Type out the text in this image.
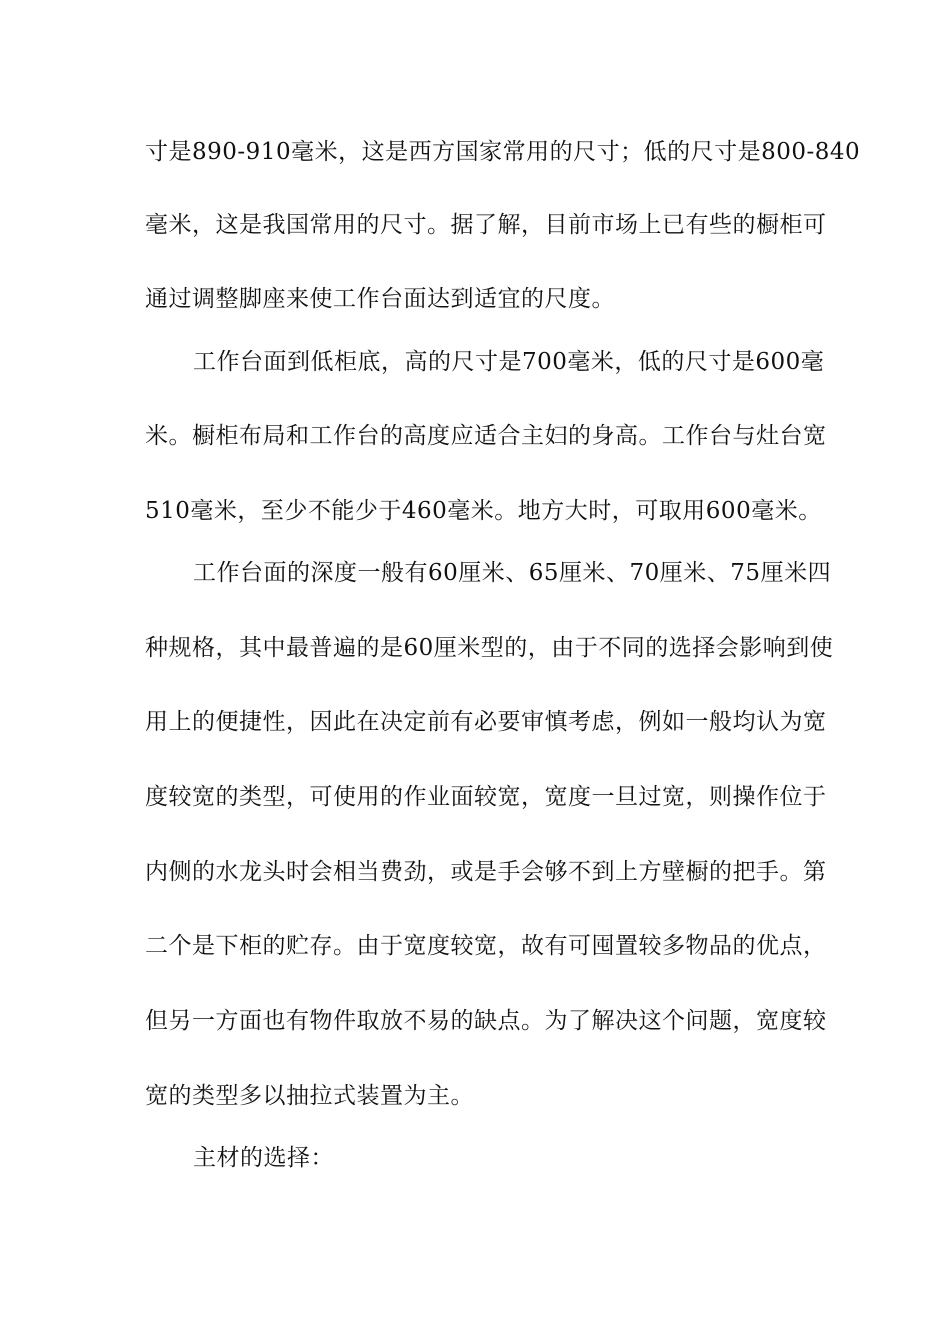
寸是890-910毫米，这是西方国家常用的尺寸；低的尺寸是800-840
毫米，这是我国常用的尺寸。据了解，目前市场上已有些的橱柜可
通过调整脚座来使工作台面达到适宜的尺度。
工作台面到低柜底，高的尺寸是700毫米，低的尺寸是600毫
米。橱柜布局和工作台的高度应适合主妇的身高。工作台与灶台宽
510毫米，至少不能少于460毫米。地方大时，可取用600毫米。
工作台面的深度一般有60厘米、65厘米、70厘米、75厘米四
种规格，其中最普遍的是60厘米型的，由于不同的选择会影响到使
用上的便捷性，因此在决定前有必要审慎考虑，例如一般均认为宽
度较宽的类型，可使用的作业面较宽，宽度一旦过宽，则操作位于
内侧的水龙头时会相当费劲，或是手会够不到上方壁橱的把手。第
二个是下柜的贮存。由于宽度较宽，故有可囤置较多物品的优点，
但另一方面也有物件取放不易的缺点。为了解决这个问题，宽度较
宽的类型多以抽拉式装置为主。
主材的选择：
